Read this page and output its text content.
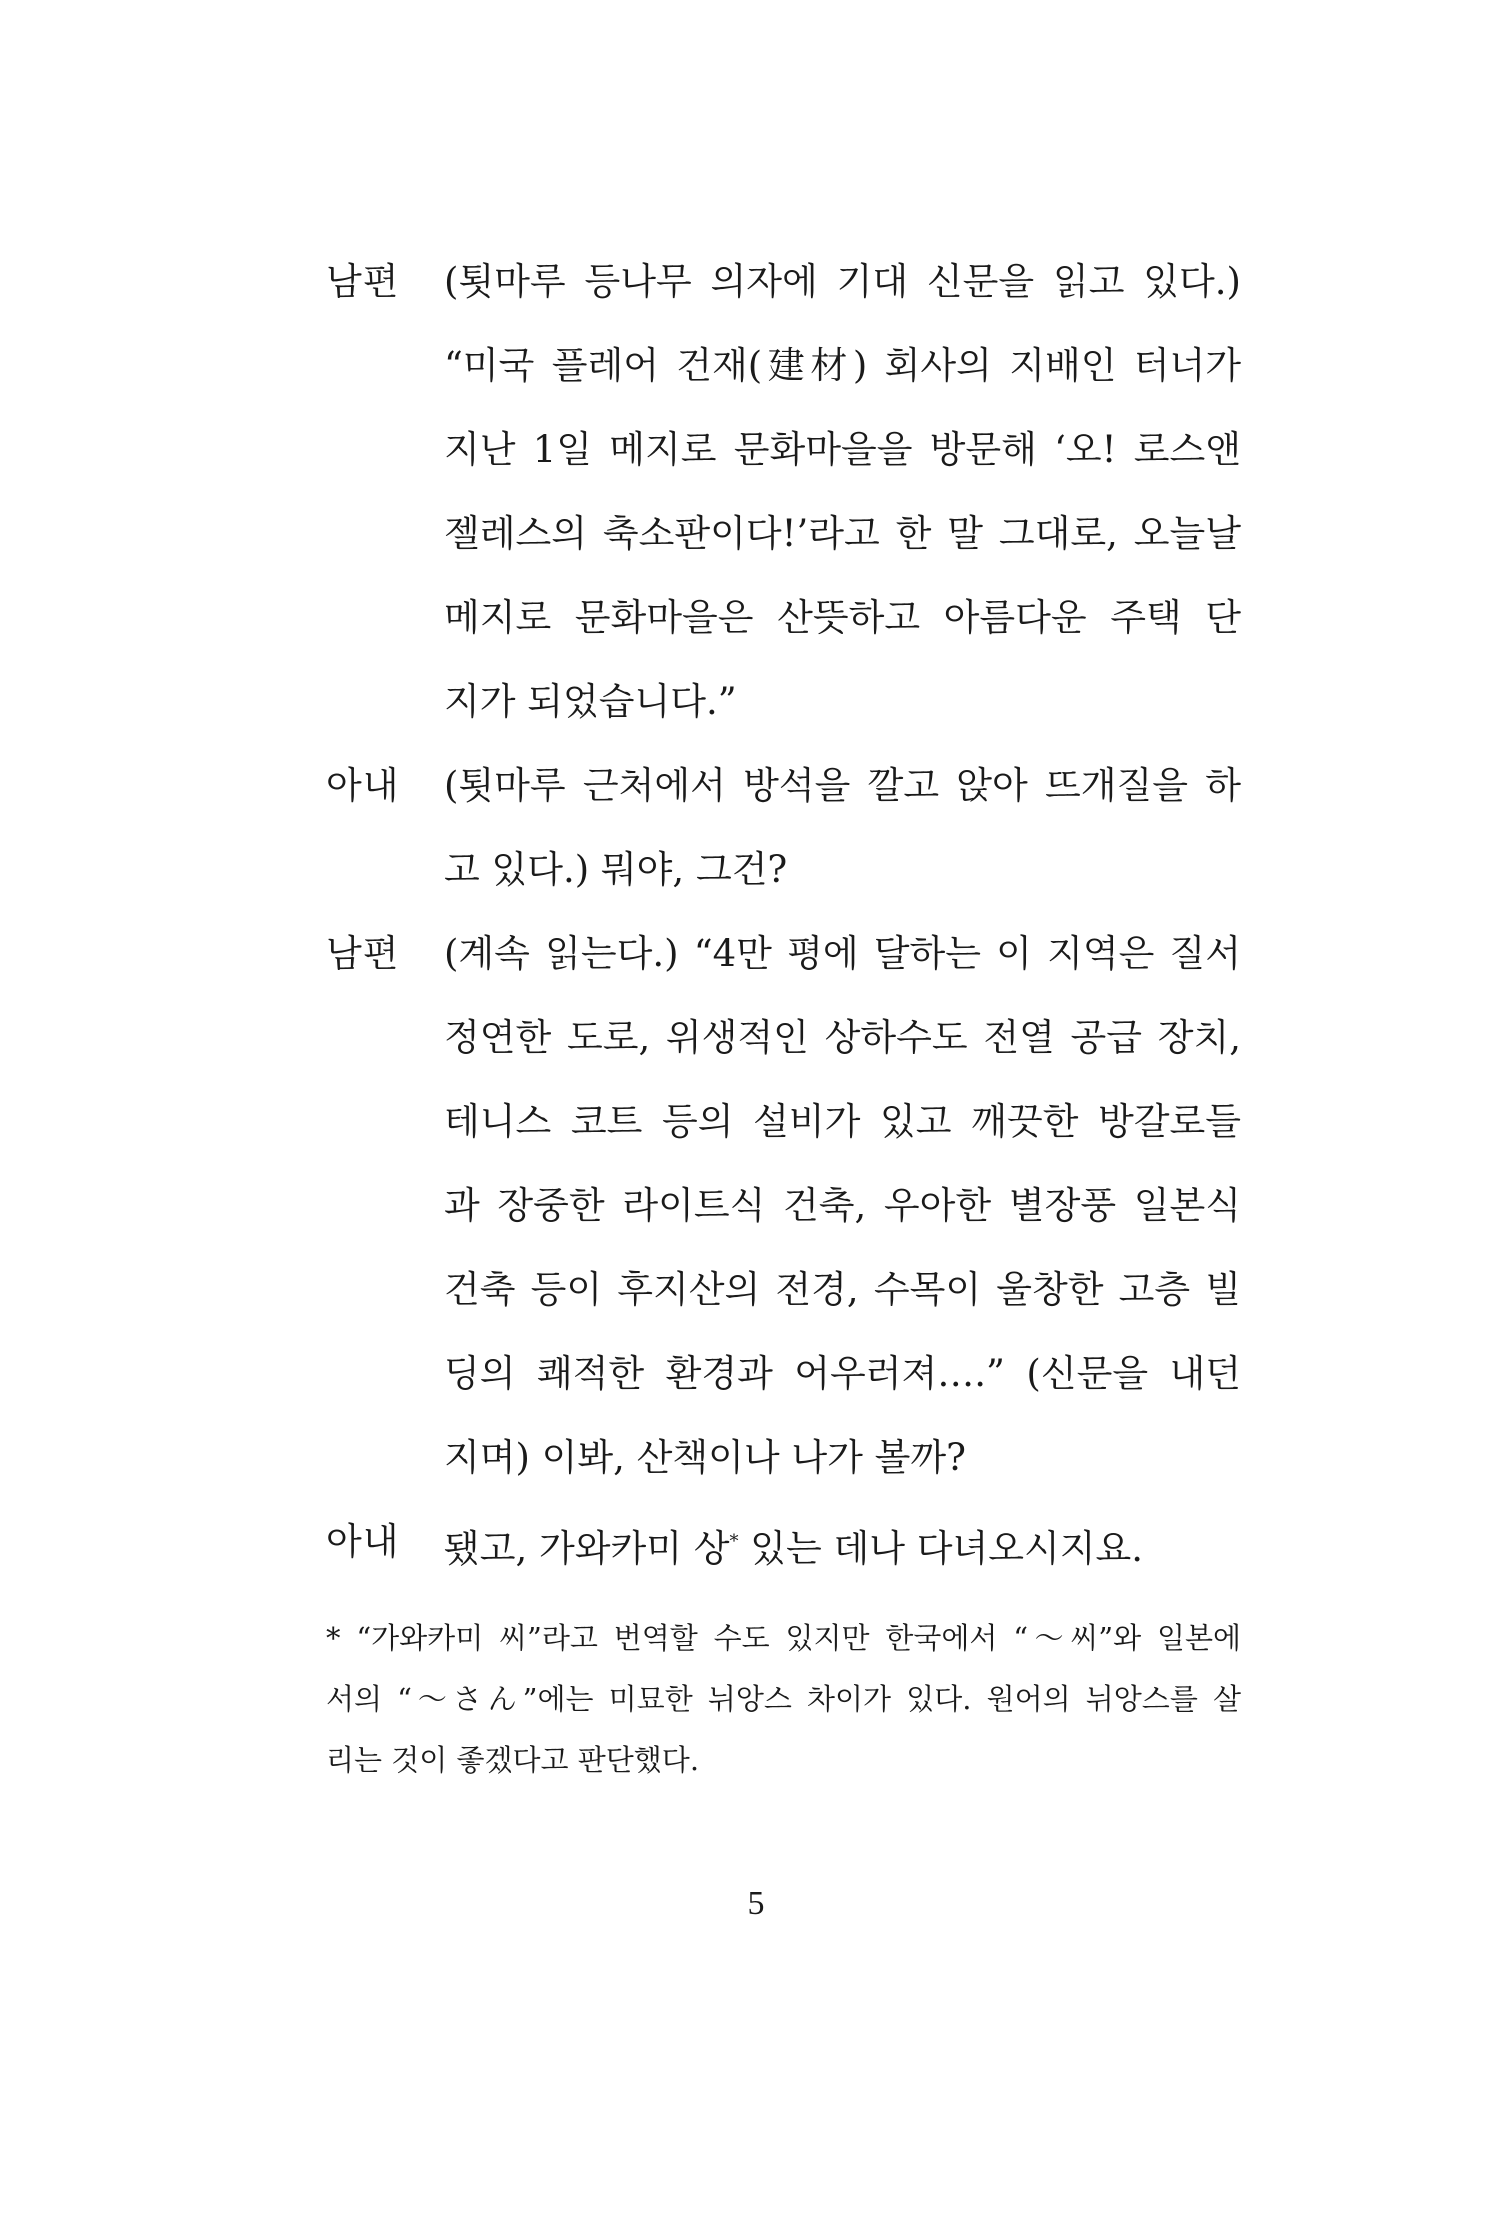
남편	(툇마루 등나무 의자에 기대 신문을 읽고 있다.)
“미국 플레어 건재(建材) 회사의 지배인 터너가
지난 1일 메지로 문화마을을 방문해 ‘오! 로스앤
젤레스의 축소판이다!’라고 한 말 그대로, 오늘날
메지로 문화마을은 산뜻하고 아름다운 주택 단
지가 되었습니다.”
아내	(툇마루 근처에서 방석을 깔고 앉아 뜨개질을 하
고 있다.) 뭐야, 그건?
남편	(계속 읽는다.) “4만 평에 달하는 이 지역은 질서
정연한 도로, 위생적인 상하수도 전열 공급 장치,
테니스 코트 등의 설비가 있고 깨끗한 방갈로들
과 장중한 라이트식 건축, 우아한 별장풍 일본식
건축 등이 후지산의 전경, 수목이 울창한 고층 빌
딩의 쾌적한 환경과 어우러져….” (신문을 내던
지며) 이봐, 산책이나 나가 볼까?
아내	됐고, 가와카미 상* 있는 데나 다녀오시지요.
* “가와카미 씨”라고 번역할 수도 있지만 한국에서 “～씨”와 일본에
서의 “～さん”에는 미묘한 뉘앙스 차이가 있다. 원어의 뉘앙스를 살
리는 것이 좋겠다고 판단했다.
5
